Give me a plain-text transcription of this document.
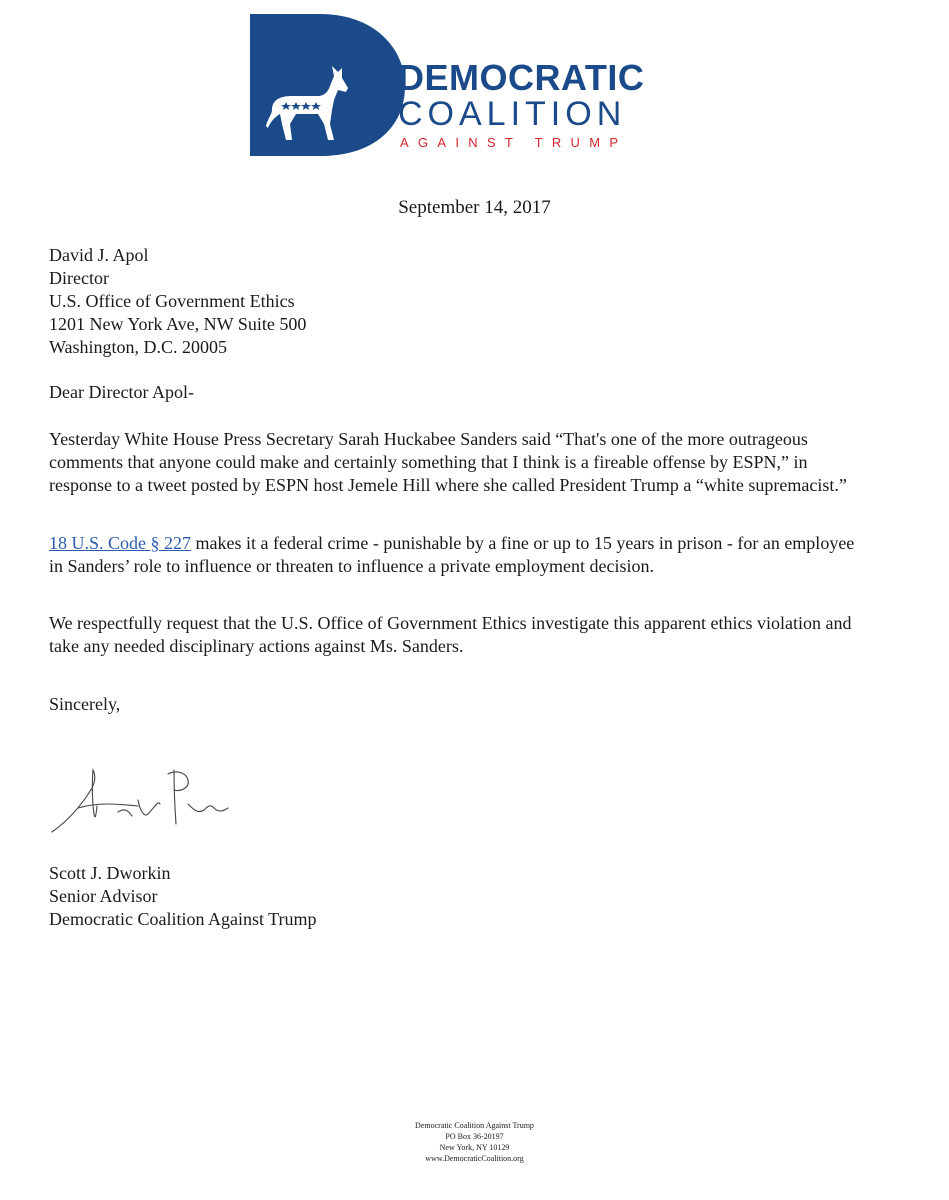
DEMOCRATIC
COALITION
AGAINST TRUMP
September 14, 2017
David J. Apol
Director
U.S. Office of Government Ethics
1201 New York Ave, NW Suite 500
Washington, D.C. 20005
Dear Director Apol-
Yesterday White House Press Secretary Sarah Huckabee Sanders said “That's one of the more outrageous
comments that anyone could make and certainly something that I think is a fireable offense by ESPN,” in
response to a tweet posted by ESPN host Jemele Hill where she called President Trump a “white supremacist.”
18 U.S. Code § 227 makes it a federal crime - punishable by a fine or up to 15 years in prison - for an employee
in Sanders’ role to influence or threaten to influence a private employment decision.
We respectfully request that the U.S. Office of Government Ethics investigate this apparent ethics violation and
take any needed disciplinary actions against Ms. Sanders.
Sincerely,
Scott J. Dworkin
Senior Advisor
Democratic Coalition Against Trump
Democratic Coalition Against Trump
PO Box 36-20197
New York, NY 10129
www.DemocraticCoalition.org
